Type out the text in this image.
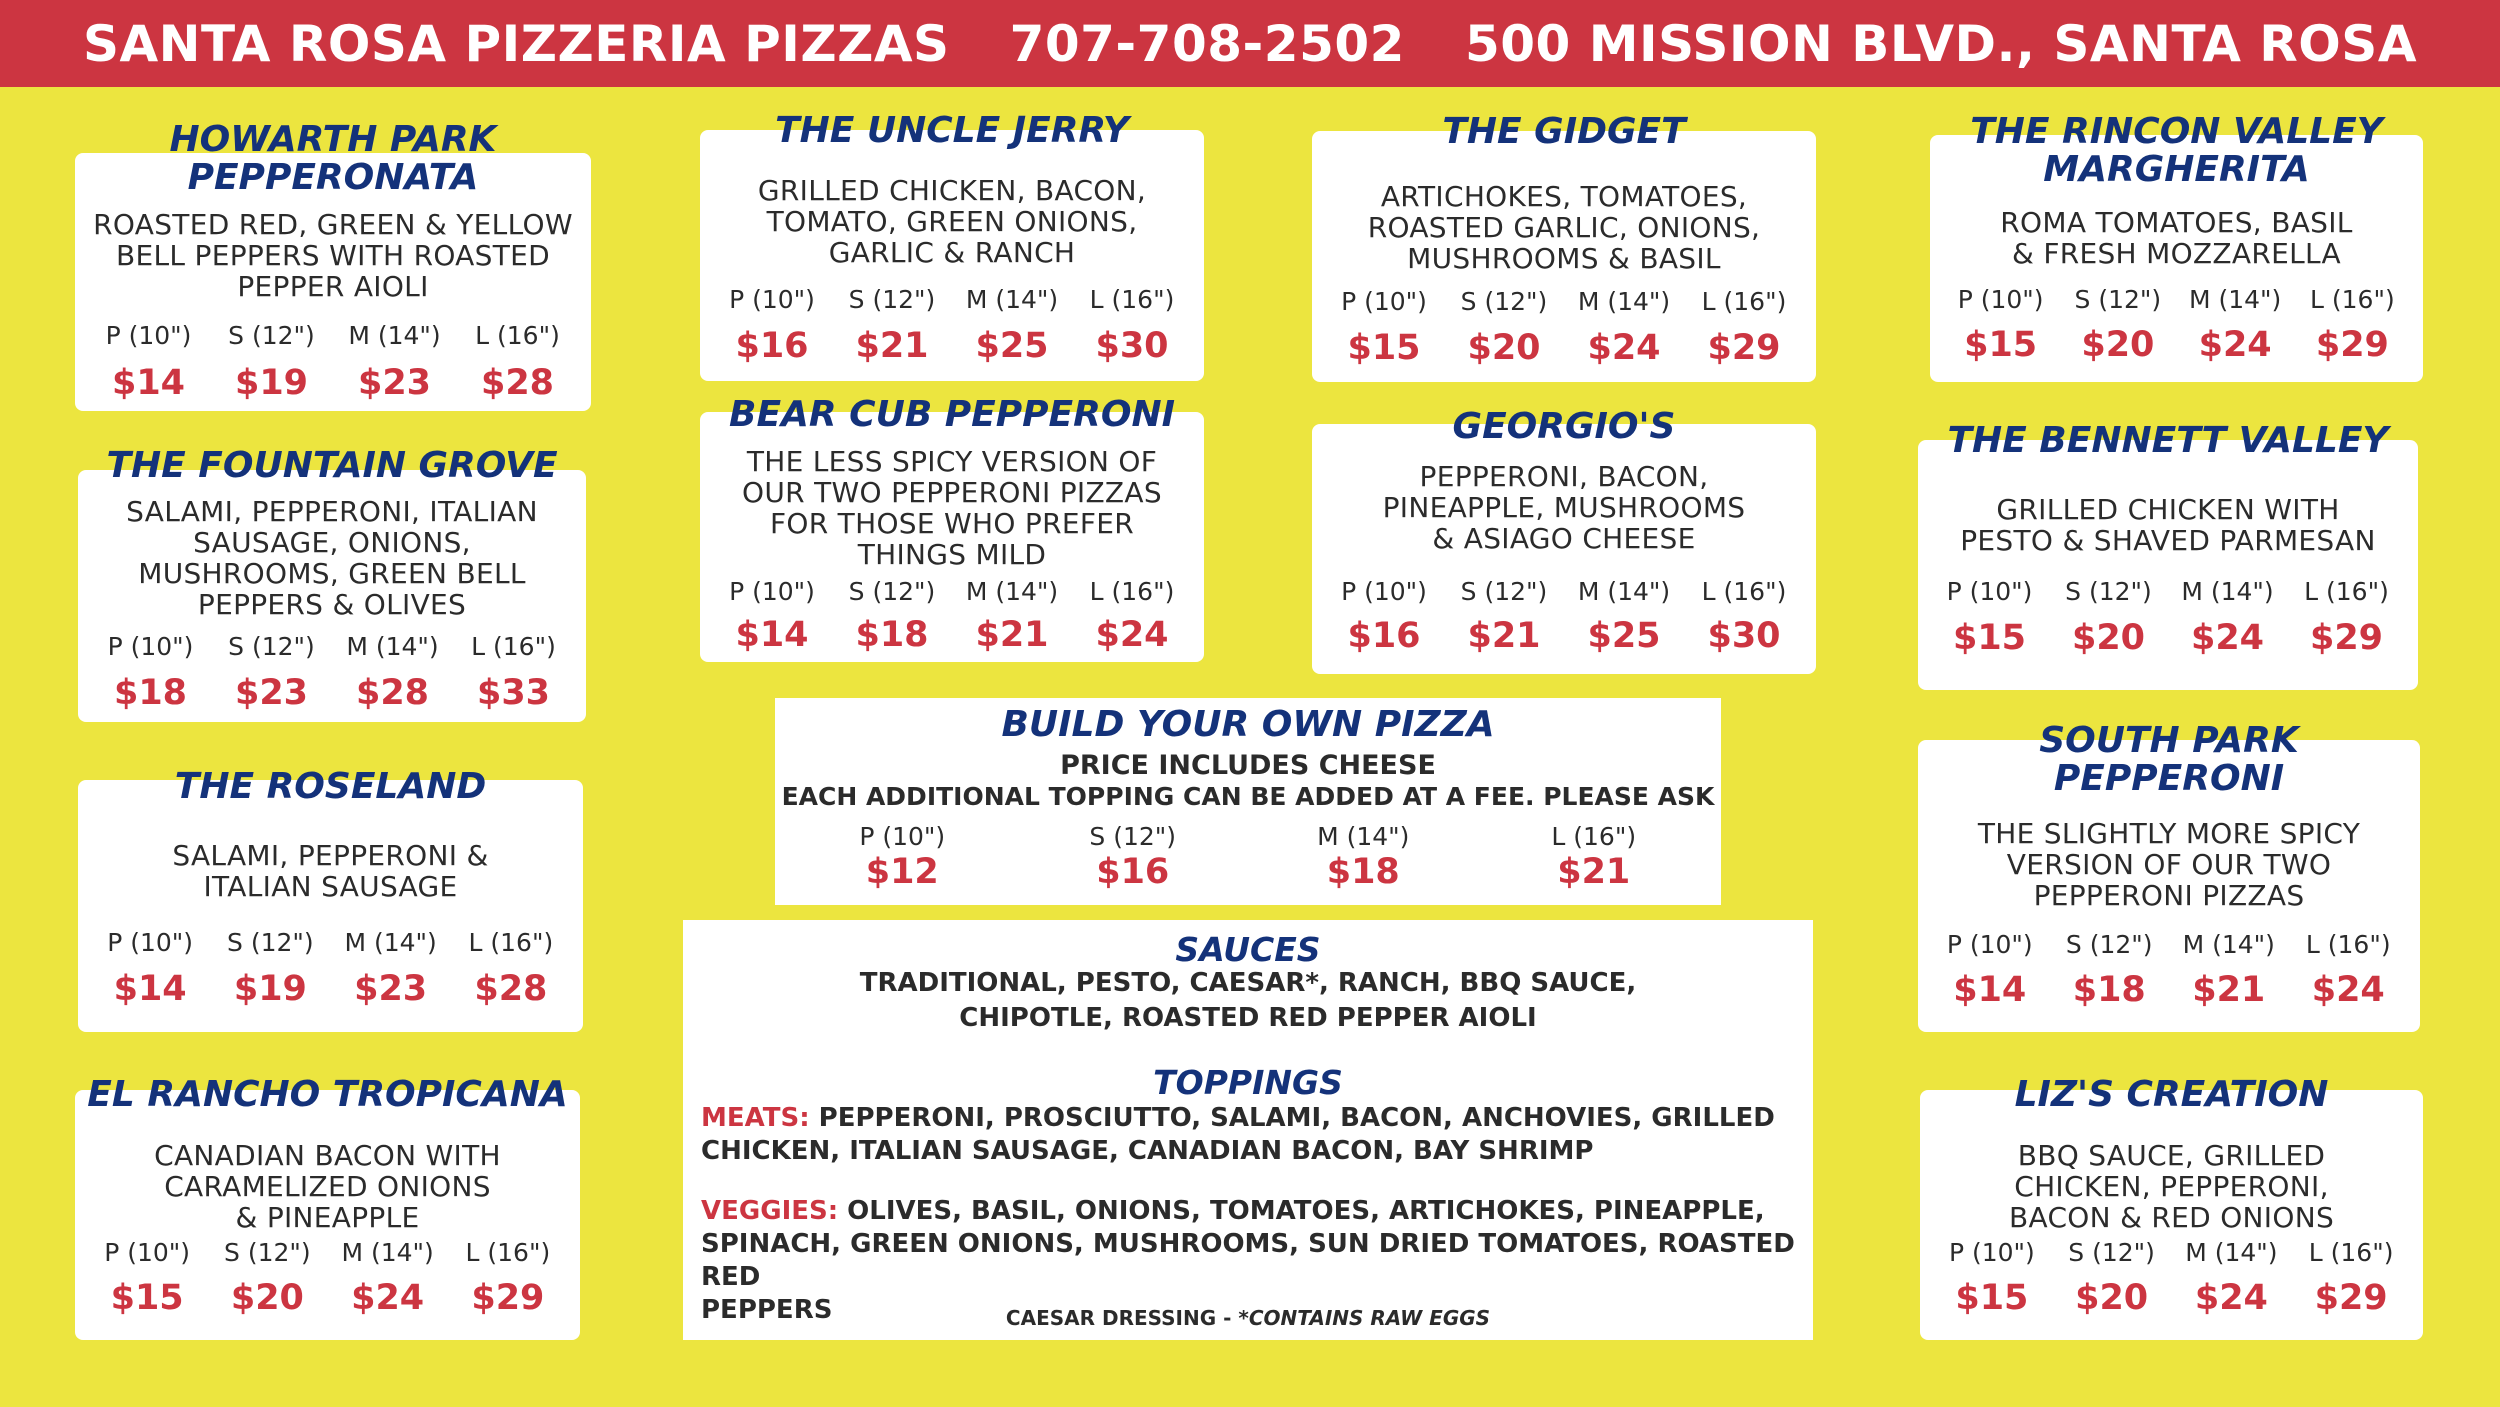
SANTA ROSA PIZZERIA PIZZAS 707-708-2502 500 MISSION BLVD., SANTA ROSA
HOWARTH PARK
PEPPERONATA
ROASTED RED, GREEN & YELLOW
BELL PEPPERS WITH ROASTED
PEPPER AIOLI
P (10")	S (12")	M (14")	L (16")
$14	$19	$23	$28
THE FOUNTAIN GROVE
SALAMI, PEPPERONI, ITALIAN
SAUSAGE, ONIONS,
MUSHROOMS, GREEN BELL
PEPPERS & OLIVES
P (10")	S (12")	M (14")	L (16")
$18	$23	$28	$33
THE ROSELAND
SALAMI, PEPPERONI &
ITALIAN SAUSAGE
P (10")	S (12")	M (14")	L (16")
$14	$19	$23	$28
EL RANCHO TROPICANA
CANADIAN BACON WITH
CARAMELIZED ONIONS
& PINEAPPLE
P (10")	S (12")	M (14")	L (16")
$15	$20	$24	$29
THE UNCLE JERRY
GRILLED CHICKEN, BACON,
TOMATO, GREEN ONIONS,
GARLIC & RANCH
P (10")	S (12")	M (14")	L (16")
$16	$21	$25	$30
BEAR CUB PEPPERONI
THE LESS SPICY VERSION OF
OUR TWO PEPPERONI PIZZAS
FOR THOSE WHO PREFER
THINGS MILD
P (10")	S (12")	M (14")	L (16")
$14	$18	$21	$24
THE GIDGET
ARTICHOKES, TOMATOES,
ROASTED GARLIC, ONIONS,
MUSHROOMS & BASIL
P (10")	S (12")	M (14")	L (16")
$15	$20	$24	$29
GEORGIO'S
PEPPERONI, BACON,
PINEAPPLE, MUSHROOMS
& ASIAGO CHEESE
P (10")	S (12")	M (14")	L (16")
$16	$21	$25	$30
BUILD YOUR OWN PIZZA
PRICE INCLUDES CHEESE
EACH ADDITIONAL TOPPING CAN BE ADDED AT A FEE. PLEASE ASK
P (10")	S (12")	M (14")	L (16")
$12	$16	$18	$21
SAUCES
TRADITIONAL, PESTO, CAESAR*, RANCH, BBQ SAUCE,
CHIPOTLE, ROASTED RED PEPPER AIOLI
TOPPINGS
MEATS: PEPPERONI, PROSCIUTTO, SALAMI, BACON, ANCHOVIES, GRILLED
CHICKEN, ITALIAN SAUSAGE, CANADIAN BACON, BAY SHRIMP
VEGGIES: OLIVES, BASIL, ONIONS, TOMATOES, ARTICHOKES, PINEAPPLE,
SPINACH, GREEN ONIONS, MUSHROOMS, SUN DRIED TOMATOES, ROASTED RED
PEPPERS	CAESAR DRESSING - *CONTAINS RAW EGGS
THE RINCON VALLEY
MARGHERITA
ROMA TOMATOES, BASIL
& FRESH MOZZARELLA
P (10")	S (12")	M (14")	L (16")
$15	$20	$24	$29
THE BENNETT VALLEY
GRILLED CHICKEN WITH
PESTO & SHAVED PARMESAN
P (10")	S (12")	M (14")	L (16")
$15	$20	$24	$29
SOUTH PARK
PEPPERONI
THE SLIGHTLY MORE SPICY
VERSION OF OUR TWO
PEPPERONI PIZZAS
P (10")	S (12")	M (14")	L (16")
$14	$18	$21	$24
LIZ'S CREATION
BBQ SAUCE, GRILLED
CHICKEN, PEPPERONI,
BACON & RED ONIONS
P (10")	S (12")	M (14")	L (16")
$15	$20	$24	$29
